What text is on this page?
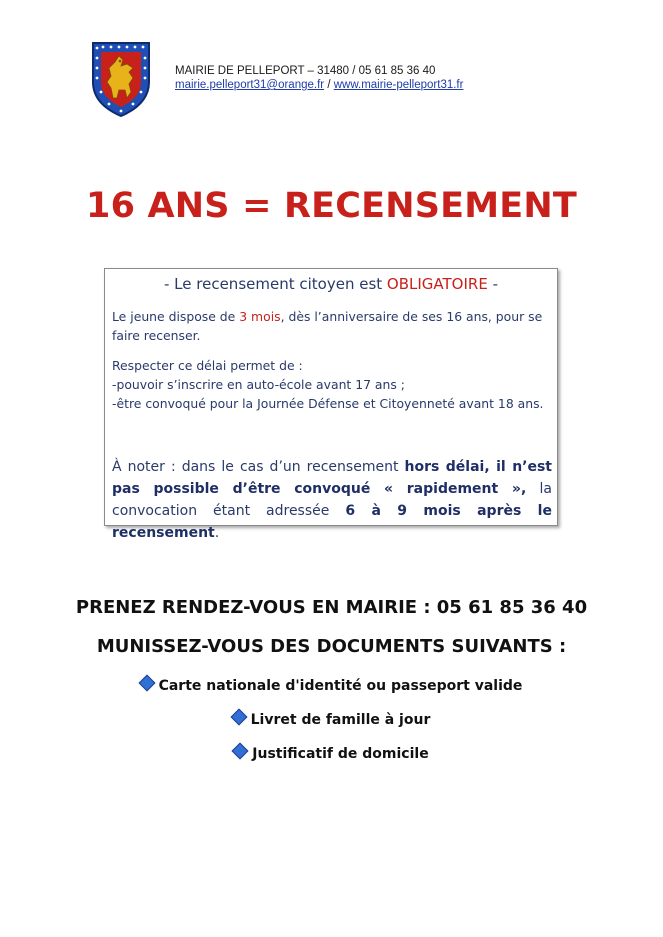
MAIRIE DE PELLEPORT – 31480 / 05 61 85 36 40
mairie.pelleport31@orange.fr / www.mairie-pelleport31.fr
16 ANS = RECENSEMENT
- Le recensement citoyen est OBLIGATOIRE -
Le jeune dispose de 3 mois, dès l’anniversaire de ses 16 ans, pour se
faire recenser.
Respecter ce délai permet de :
-pouvoir s’inscrire en auto-école avant 17 ans ;
-être convoqué pour la Journée Défense et Citoyenneté avant 18 ans.
À noter : dans le cas d’un recensement hors délai, il n’est pas possible d’être convoqué « rapidement », la convocation étant adressée 6 à 9 mois après le recensement.
PRENEZ RENDEZ-VOUS EN MAIRIE : 05 61 85 36 40
MUNISSEZ-VOUS DES DOCUMENTS SUIVANTS :
Carte nationale d'identité ou passeport valide
Livret de famille à jour
Justificatif de domicile
